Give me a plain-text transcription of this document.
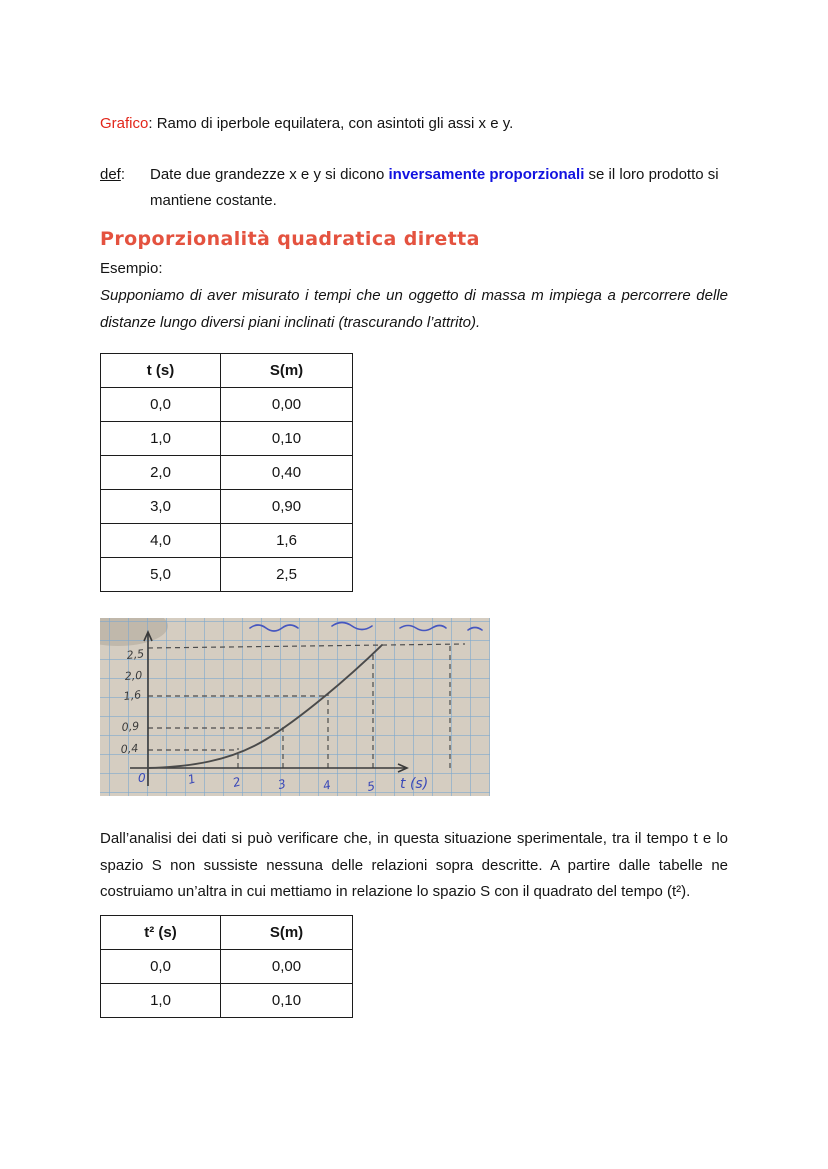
Grafico: Ramo di iperbole equilatera, con asintoti gli assi x e y.

def:	Date due grandezze x e y si dicono inversamente proporzionali se il loro prodotto si mantiene costante.

Proporzionalità quadratica diretta

Esempio:

Supponiamo di aver misurato i tempi che un oggetto di massa m impiega a percorrere delle distanze lungo diversi piani inclinati (trascurando l’attrito).

t (s)	S(m)
0,0	0,00
1,0	0,10
2,0	0,40
3,0	0,90
4,0	1,6
5,0	2,5
2,5
2,0
1,6
0,9
0,4
0	1	2	3	4	5 t (s)

Dall’analisi dei dati si può verificare che, in questa situazione sperimentale, tra il tempo t e lo spazio S non sussiste nessuna delle relazioni sopra descritte. A partire dalle tabelle ne costruiamo un’altra in cui mettiamo in relazione lo spazio S con il quadrato del tempo (t²).

t² (s)	S(m)
0,0	0,00
1,0	0,10
